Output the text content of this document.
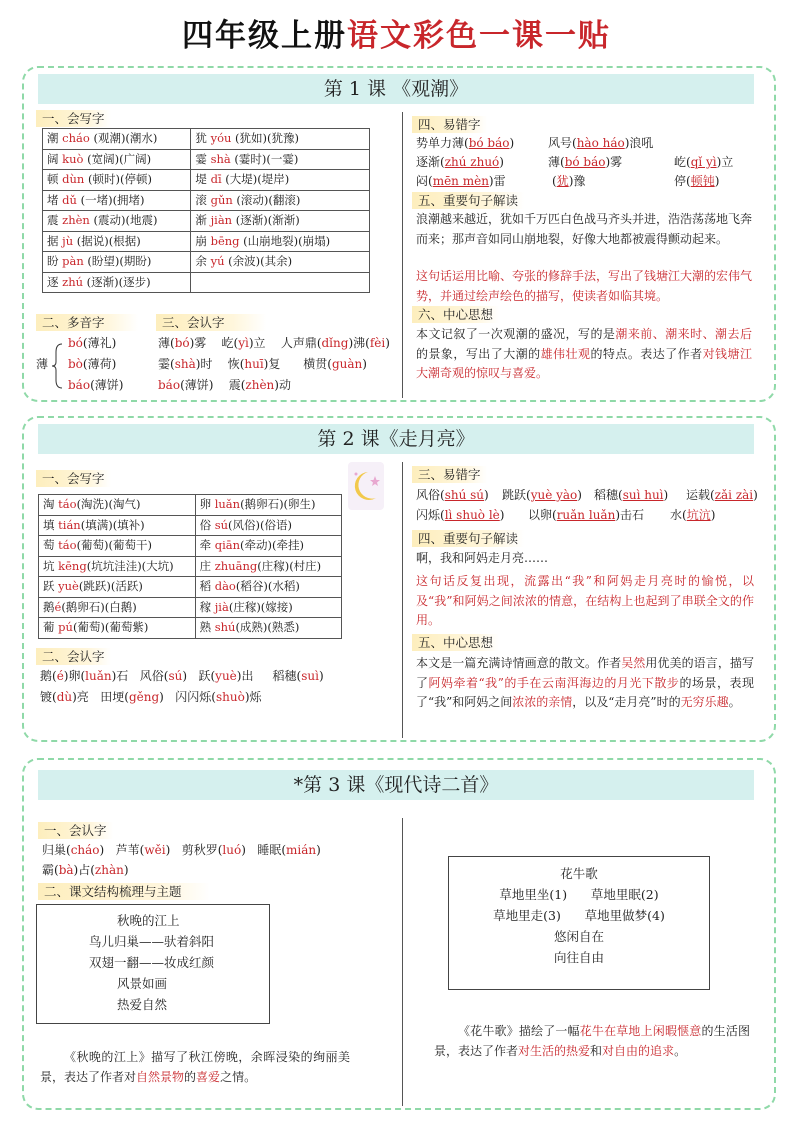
四年级上册语文彩色一课一贴
第 1 课 《观潮》
一、会写字
潮 cháo (观潮)(潮水)	犹 yóu (犹如)(犹豫)
阔 kuò (宽阔)(广阔)	霎 shà (霎时)(一霎)
顿 dùn (顿时)(停顿)	堤 dī (大堤)(堤岸)
堵 dǔ (一堵)(拥堵)	滚 gǔn (滚动)(翻滚)
震 zhèn (震动)(地震)	渐 jiàn (逐渐)(渐渐)
据 jù (据说)(根据)	崩 bēng (山崩地裂)(崩塌)
盼 pàn (盼望)(期盼)	余 yú (余波)(其余)
逐 zhú (逐渐)(逐步)	
二、多音字	三、会认字
薄
bó(薄礼)
bò(薄荷)
báo(薄饼)
薄(bó)雾 屹(yì)立 人声鼎(dǐng)沸(fèi)
霎(shà)时 恢(huī)复 横贯(guàn)
báo(薄饼) 震(zhèn)动
四、易错字
势单力薄(bó báo)	风号(hào háo)浪吼
逐渐(zhú zhuó)	薄(bó báo)雾	屹(qǐ yì)立
闷(mēn mèn)雷	(犹)豫	停(顿钝)
五、重要句子解读
浪潮越来越近，犹如千万匹白色战马齐头并进，浩浩荡荡地飞奔而来；那声音如同山崩地裂，好像大地都被震得颤动起来。
这句话运用比喻、夸张的修辞手法，写出了钱塘江大潮的宏伟气势，并通过绘声绘色的描写，使读者如临其境。
六、中心思想
本文记叙了一次观潮的盛况，写的是潮来前、潮来时、潮去后的景象，写出了大潮的雄伟壮观的特点。表达了作者对钱塘江大潮奇观的惊叹与喜爱。
第 2 课《走月亮》
一、会写字
淘 táo(淘洗)(淘气)	卵 luǎn(鹅卵石)(卵生)
填 tián(填满)(填补)	俗 sú(风俗)(俗语)
萄 táo(葡萄)(葡萄干)	牵 qiān(牵动)(牵挂)
坑 kēng(坑坑洼洼)(大坑)	庄 zhuāng(庄稼)(村庄)
跃 yuè(跳跃)(活跃)	稻 dào(稻谷)(水稻)
鹅é(鹅卵石)(白鹅)	稼 jià(庄稼)(嫁接)
葡 pú(葡萄)(葡萄紫)	熟 shú(成熟)(熟悉)
二、会认字
鹅(é)卵(luǎn)石 风俗(sú) 跃(yuè)出 稻穗(suì)
镀(dù)亮 田埂(gěng) 闪闪烁(shuò)烁
三、易错字
风俗(shú sú) 跳跃(yuè yào) 稻穗(suì huì) 运载(zǎi zài)
闪烁(lì shuò lè) 以卵(ruǎn luǎn)击石 水(坑沆)
四、重要句子解读
啊，我和阿妈走月亮……
这句话反复出现，流露出“我”和阿妈走月亮时的愉悦，以及“我”和阿妈之间浓浓的情意，在结构上也起到了串联全文的作用。
五、中心思想
本文是一篇充满诗情画意的散文。作者吴然用优美的语言，描写了阿妈牵着“我”的手在云南洱海边的月光下散步的场景，表现了“我”和阿妈之间浓浓的亲情，以及“走月亮”时的无穷乐趣。
*第 3 课《现代诗二首》
一、会认字
归巢(cháo) 芦苇(wěi) 剪秋罗(luó) 睡眠(mián)
霸(bà)占(zhàn)
二、课文结构梳理与主题
秋晚的江上
鸟儿归巢——驮着斜阳
双翅一翻——妆成红颜
风景如画
热爱自然
《秋晚的江上》描写了秋江傍晚，余晖浸染的绚丽美景，表达了作者对自然景物的喜爱之情。
花牛歌
草地里坐(1) 草地里眠(2)
草地里走(3) 草地里做梦(4)
悠闲自在
向往自由
《花牛歌》描绘了一幅花牛在草地上闲暇惬意的生活图景，表达了作者对生活的热爱和对自由的追求。
